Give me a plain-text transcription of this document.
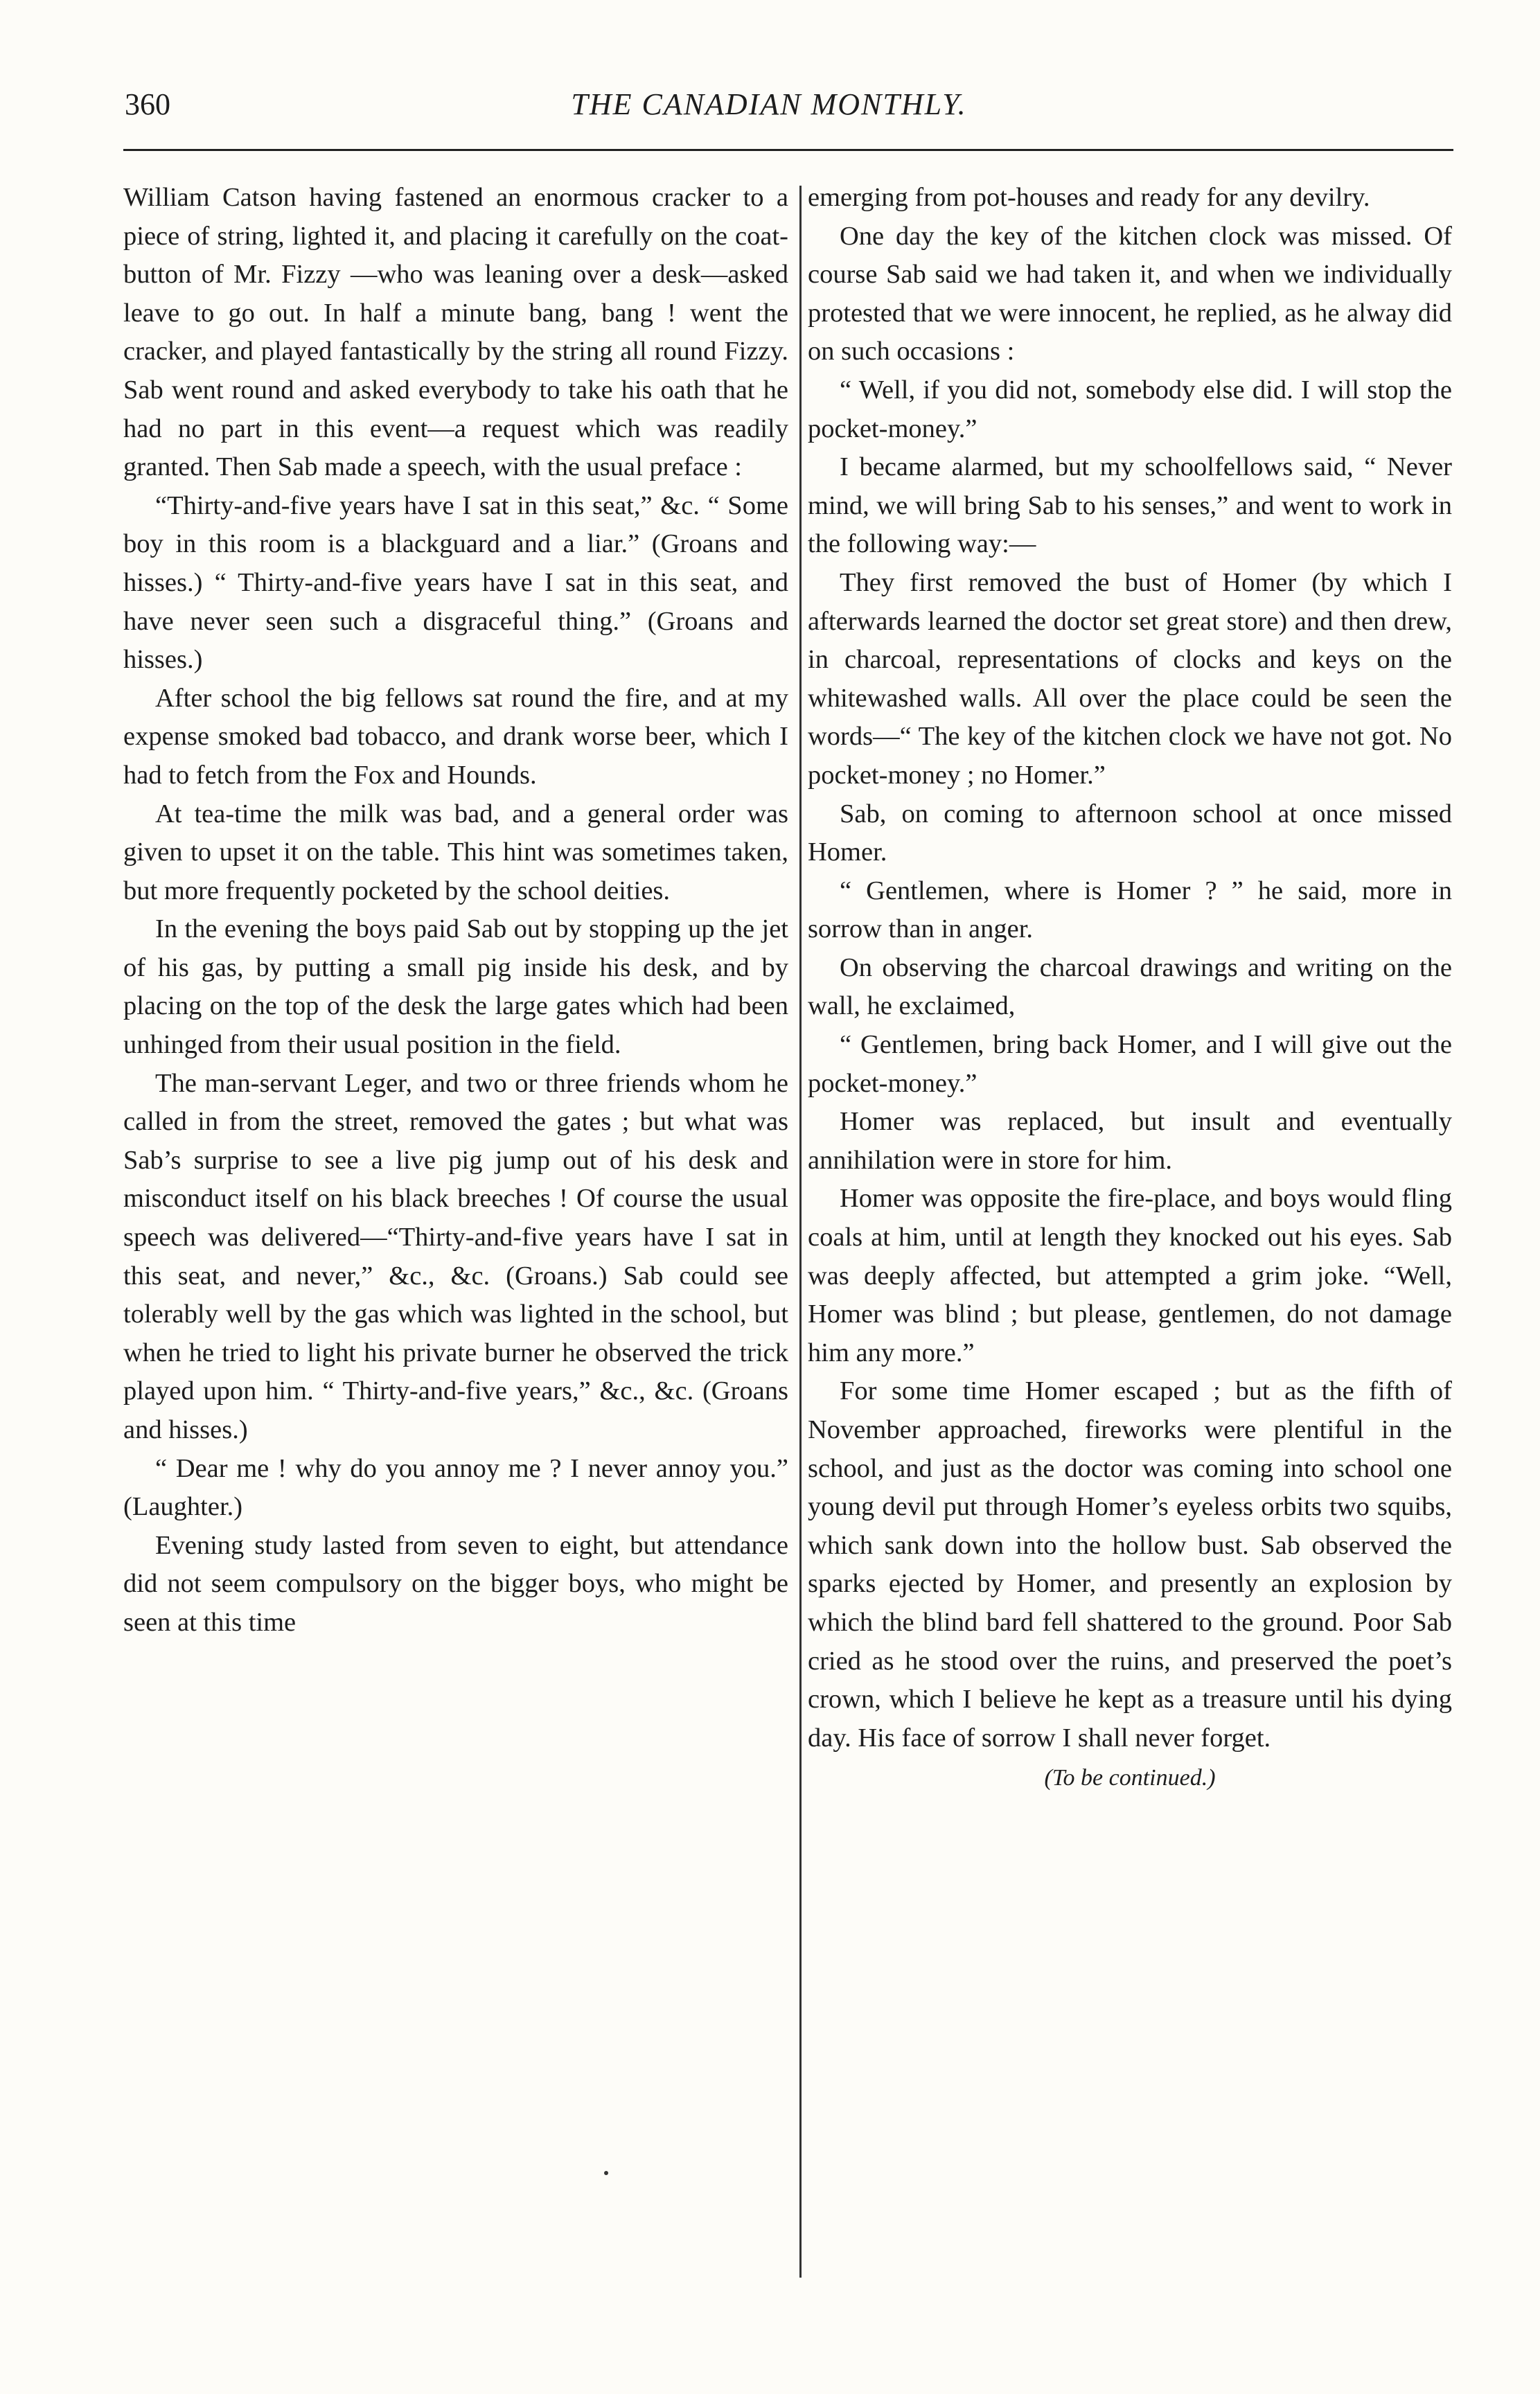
360	THE CANADIAN MONTHLY.

William Catson having fastened an enormous cracker to a piece of string, lighted it, and placing it carefully on the coat-button of Mr. Fizzy —who was leaning over a desk—asked leave to go out. In half a minute bang, bang ! went the cracker, and played fantastically by the string all round Fizzy. Sab went round and asked everybody to take his oath that he had no part in this event—a request which was readily granted. Then Sab made a speech, with the usual preface :

“Thirty-and-five years have I sat in this seat,” &c. “ Some boy in this room is a blackguard and a liar.” (Groans and hisses.) “ Thirty-and-five years have I sat in this seat, and have never seen such a disgraceful thing.” (Groans and hisses.)

After school the big fellows sat round the fire, and at my expense smoked bad tobacco, and drank worse beer, which I had to fetch from the Fox and Hounds.

At tea-time the milk was bad, and a general order was given to upset it on the table. This hint was sometimes taken, but more frequently pocketed by the school deities.

In the evening the boys paid Sab out by stopping up the jet of his gas, by putting a small pig inside his desk, and by placing on the top of the desk the large gates which had been unhinged from their usual position in the field.

The man-servant Leger, and two or three friends whom he called in from the street, removed the gates ; but what was Sab’s surprise to see a live pig jump out of his desk and misconduct itself on his black breeches ! Of course the usual speech was delivered—“Thirty-and-five years have I sat in this seat, and never,” &c., &c. (Groans.) Sab could see tolerably well by the gas which was lighted in the school, but when he tried to light his private burner he observed the trick played upon him. “ Thirty-and-five years,” &c., &c. (Groans and hisses.)

“ Dear me ! why do you annoy me ? I never annoy you.” (Laughter.)

Evening study lasted from seven to eight, but attendance did not seem compulsory on the bigger boys, who might be seen at this time

emerging from pot-houses and ready for any devilry.

One day the key of the kitchen clock was missed. Of course Sab said we had taken it, and when we individually protested that we were innocent, he replied, as he alway did on such occasions :

“ Well, if you did not, somebody else did. I will stop the pocket-money.”

I became alarmed, but my schoolfellows said, “ Never mind, we will bring Sab to his senses,” and went to work in the following way:—

They first removed the bust of Homer (by which I afterwards learned the doctor set great store) and then drew, in charcoal, representations of clocks and keys on the whitewashed walls. All over the place could be seen the words—“ The key of the kitchen clock we have not got. No pocket-money ; no Homer.”

Sab, on coming to afternoon school at once missed Homer.

“ Gentlemen, where is Homer ? ” he said, more in sorrow than in anger.

On observing the charcoal drawings and writing on the wall, he exclaimed,

“ Gentlemen, bring back Homer, and I will give out the pocket-money.”

Homer was replaced, but insult and eventually annihilation were in store for him.

Homer was opposite the fire-place, and boys would fling coals at him, until at length they knocked out his eyes. Sab was deeply affected, but attempted a grim joke. “Well, Homer was blind ; but please, gentlemen, do not damage him any more.”

For some time Homer escaped ; but as the fifth of November approached, fireworks were plentiful in the school, and just as the doctor was coming into school one young devil put through Homer’s eyeless orbits two squibs, which sank down into the hollow bust. Sab observed the sparks ejected by Homer, and presently an explosion by which the blind bard fell shattered to the ground. Poor Sab cried as he stood over the ruins, and preserved the poet’s crown, which I believe he kept as a treasure until his dying day. His face of sorrow I shall never forget.

(To be continued.)
